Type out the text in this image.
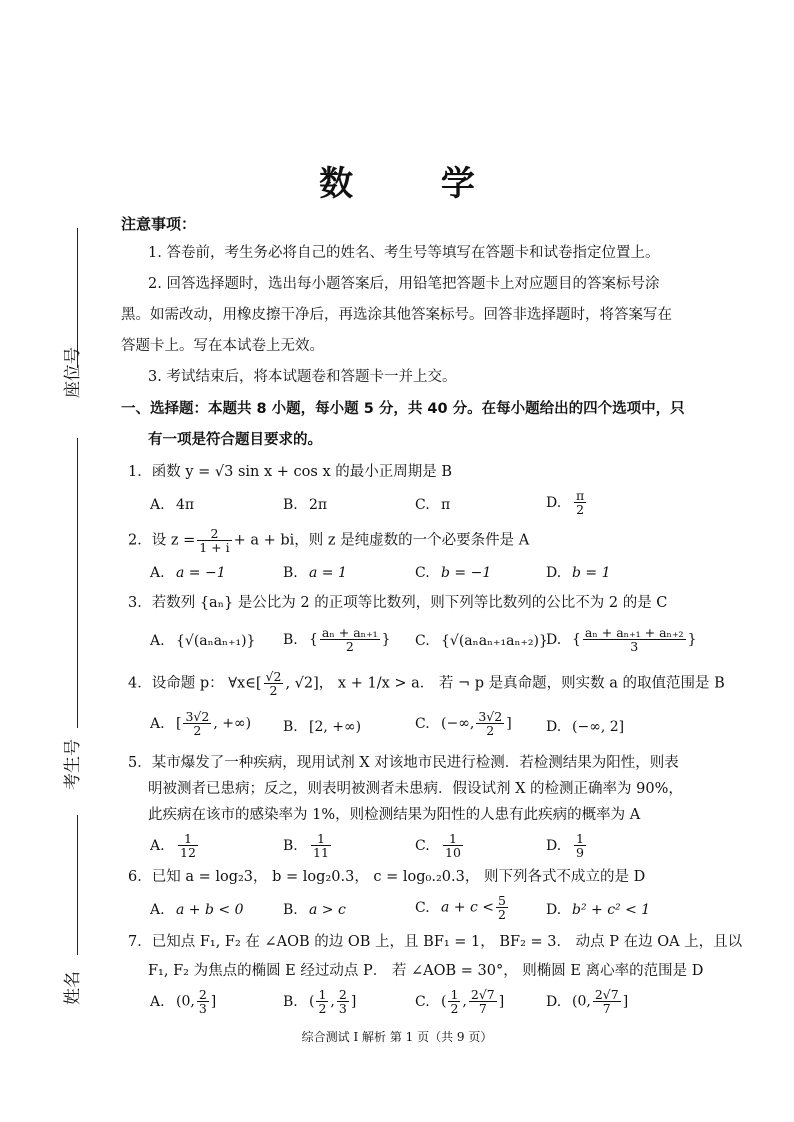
座位号
考生号
姓名
数 学
注意事项：
1. 答卷前，考生务必将自己的姓名、考生号等填写在答题卡和试卷指定位置上。
2. 回答选择题时，选出每小题答案后，用铅笔把答题卡上对应题目的答案标号涂
黑。如需改动，用橡皮擦干净后，再选涂其他答案标号。回答非选择题时，将答案写在
答题卡上。写在本试卷上无效。
3. 考试结束后，将本试题卷和答题卡一并上交。
一、选择题：本题共 8 小题，每小题 5 分，共 40 分。在每小题给出的四个选项中，只
有一项是符合题目要求的。
1．函数 y = √3 sin x + cos x 的最小正周期是 B
A. 4π	B. 2π	C. π	D. $\frac{\pi}{2}$
2．设 $z = \frac{2}{1 + i} + a$ + bi，则 z 是纯虚数的一个必要条件是 A
A. a = −1	B. a = 1	C. b = −1	D. b = 1
3．若数列 {aₙ} 是公比为 2 的正项等比数列，则下列等比数列的公比不为 2 的是 C
A. {√(aₙaₙ₊₁)} B. { $\frac{\text{aₙ + aₙ₊₁}}{2}$ } C. {√(aₙaₙ₊₁aₙ₊₂)}
D. { $\frac{\text{aₙ + aₙ₊₁ + aₙ₊₂}}{3}$ }
4．设命题 p： ∀x∈[ $\frac{√2}{2}$ , √2]， x + 1/x > a． 若 ¬ p 是真命题，则实数 a 的取值范围是 B
A. [ $\frac{3√2}{2}$ , +∞) B. [2, +∞)	C. (−∞, $\frac{3√2}{2}$ ] D. (−∞, 2]
5．某市爆发了一种疾病，现用试剂 X 对该地市民进行检测．若检测结果为阳性，则表
明被测者已患病；反之，则表明被测者未患病．假设试剂 X 的检测正确率为 90%，
此疾病在该市的感染率为 1%，则检测结果为阳性的人患有此疾病的概率为 A
A. $\frac{1}{12}$	B. $\frac{1}{11}$	C. $\frac{1}{10}$	D. $\frac{1}{9}$
6．已知 a = log₂3， b = log₂0.3， c = log₀.₂0.3， 则下列各式不成立的是 D
A. a + b < 0	B. a > c	C. $a + c < \frac{5}{2}$	D. b² + c² < 1
7．已知点 F₁, F₂ 在 ∠AOB 的边 OB 上，且 BF₁ = 1， BF₂ = 3． 动点 P 在边 OA 上，且以
F₁, F₂ 为焦点的椭圆 E 经过动点 P． 若 ∠AOB = 30°， 则椭圆 E 离心率的范围是 D
A. (0, $\frac{2}{3}$ ]	B. ( $\frac{1}{2}$ , $\frac{2}{3}$ ]	C. ( $\frac{1}{2}$ , $\frac{2√7}{7}$ ]	D. (0, $\frac{2√7}{7}$ ]
综合测试 I 解析 第 1 页（共 9 页）
